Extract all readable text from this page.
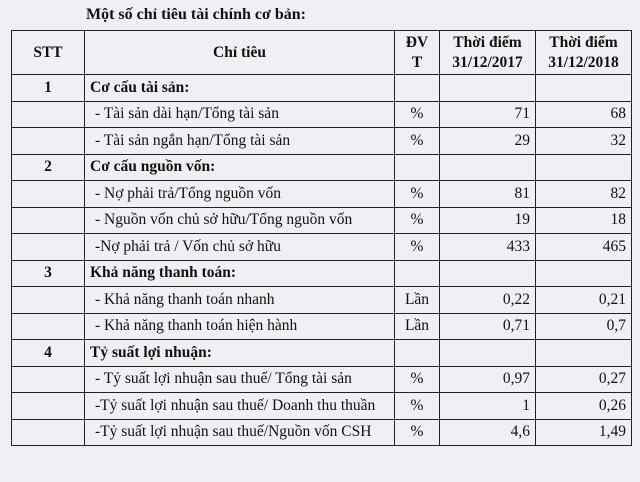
Một số chỉ tiêu tài chính cơ bản:
STT	Chỉ tiêu	ĐV T	Thời điểm 31/12/2017	Thời điểm 31/12/2018
1	Cơ cấu tài sản:			
	- Tài sản dài hạn/Tổng tài sản	%	71	68
	- Tài sản ngắn hạn/Tổng tài sản	%	29	32
2	Cơ cấu nguồn vốn:			
	- Nợ phải trả/Tổng nguồn vốn	%	81	82
	- Nguồn vốn chủ sở hữu/Tổng nguồn vốn	%	19	18
	-Nợ phải trả / Vốn chủ sở hữu	%	433	465
3	Khả năng thanh toán:			
	- Khả năng thanh toán nhanh	Lần	0,22	0,21
	- Khả năng thanh toán hiện hành	Lần	0,71	0,7
4	Tỷ suất lợi nhuận:			
	- Tỷ suất lợi nhuận sau thuế/ Tổng tài sản	%	0,97	0,27
	-Tỷ suất lợi nhuận sau thuế/ Doanh thu thuần	%	1	0,26
	-Tỷ suất lợi nhuận sau thuế/Nguồn vốn CSH	%	4,6	1,49
